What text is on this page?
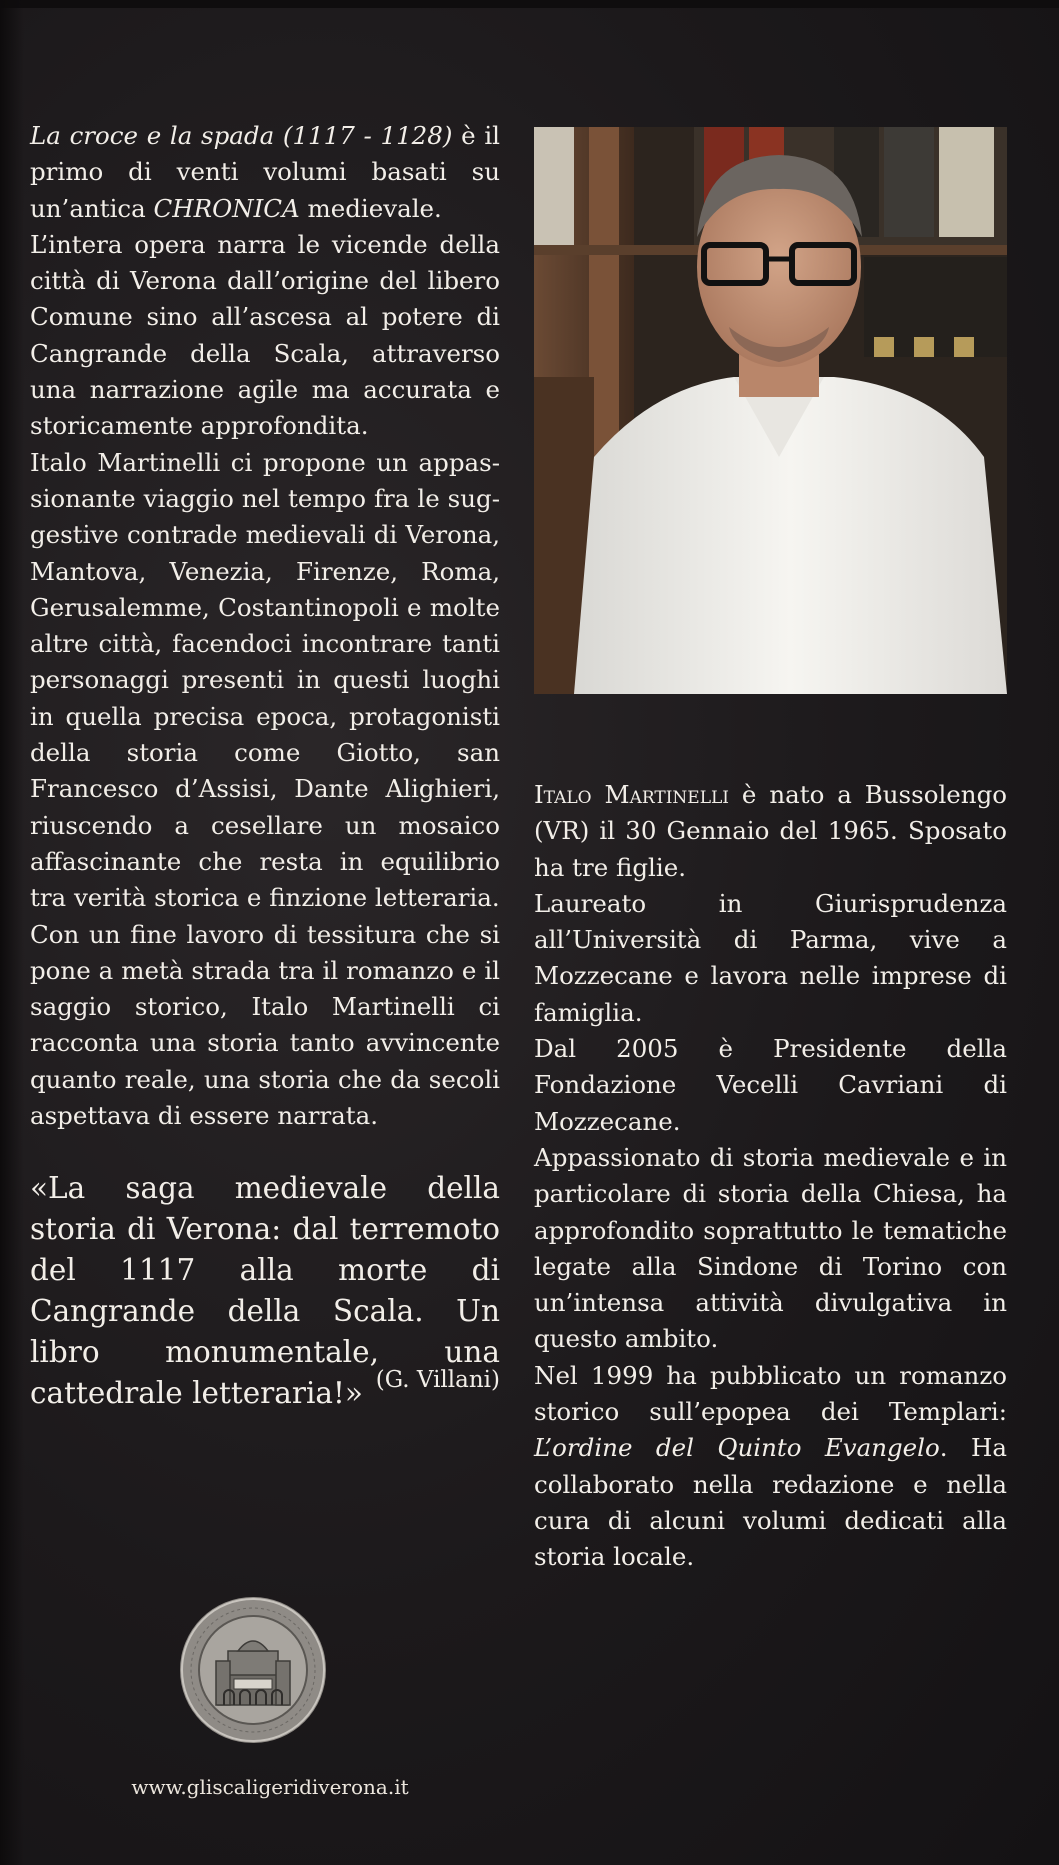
La croce e la spada (1117 - 1128) è il primo di venti volumi basati su un’antica CHRONICA medievale.

L’intera opera narra le vicende della città di Verona dall’origine del libero Comune sino all’ascesa al potere di Cangrande della Scala, attraverso una narrazione agile ma accurata e storicamente approfondita.

Italo Martinelli ci propone un appassionante viaggio nel tempo fra le suggestive contrade medievali di Verona, Mantova, Venezia, Firenze, Roma, Gerusalemme, Costantinopoli e molte altre città, facendoci incontrare tanti personaggi presenti in questi luoghi in quella precisa epoca, protagonisti della storia come Giotto, san Francesco d’Assisi, Dante Alighieri, riuscendo a cesellare un mosaico affascinante che resta in equilibrio tra verità storica e finzione letteraria.

Con un fine lavoro di tessitura che si pone a metà strada tra il romanzo e il saggio storico, Italo Martinelli ci racconta una storia tanto avvincente quanto reale, una storia che da secoli aspettava di essere narrata.

«La saga medievale della storia di Verona: dal terremoto del 1117 alla morte di Cangrande della Scala. Un libro monumentale, una cattedrale letteraria!» (G. Villani)

Italo Martinelli è nato a Bussolengo (VR) il 30 Gennaio del 1965. Sposato ha tre figlie.

Laureato in Giurisprudenza all’Università di Parma, vive a Mozzecane e lavora nelle imprese di famiglia.

Dal 2005 è Presidente della Fondazione Vecelli Cavriani di Mozzecane.

Appassionato di storia medievale e in particolare di storia della Chiesa, ha approfondito soprattutto le tematiche legate alla Sindone di Torino con un’intensa attività divulgativa in questo ambito.

Nel 1999 ha pubblicato un romanzo storico sull’epopea dei Templari: L’ordine del Quinto Evangelo. Ha collaborato nella redazione e nella cura di alcuni volumi dedicati alla storia locale.

www.gliscaligeridiverona.it
